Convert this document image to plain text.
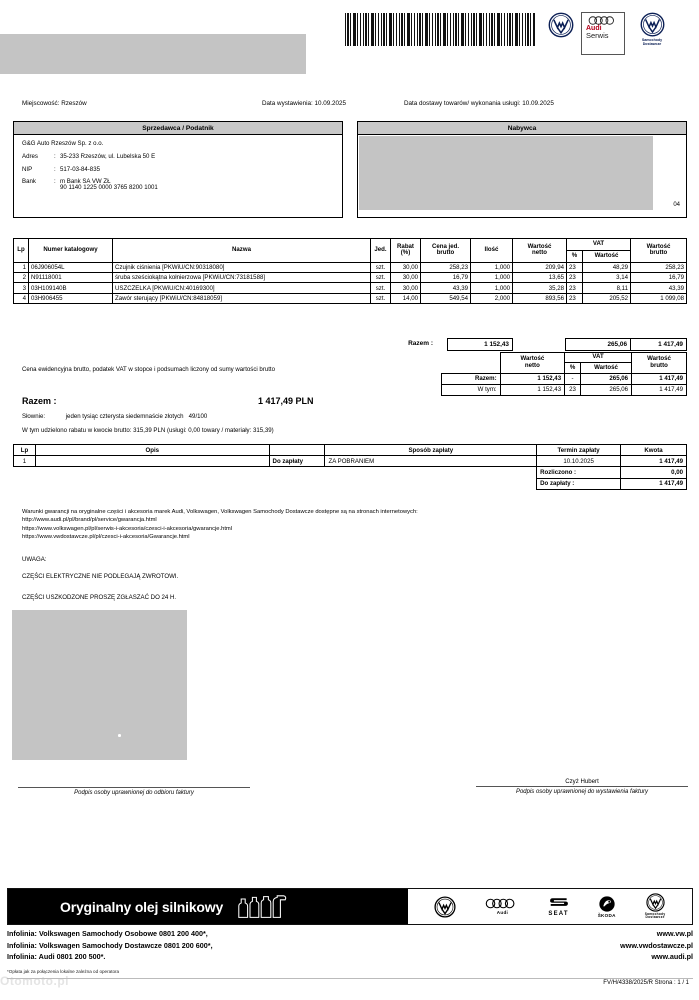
Audi
Serwis	Samochody
Dostawcze
Miejscowość: Rzeszów	Data wystawienia: 10.09.2025	Data dostawy towarów/ wykonania usługi: 10.09.2025
Sprzedawca / Podatnik
G&G Auto Rzeszów Sp. z o.o.
Adres	: 35-233 Rzeszów, ul. Lubelska 50 E
NIP	: 517-03-84-835
Bank	: m Bank SA VW ZŁ
90 1140 1225 0000 3765 8200 1001
Nabywca
04
Lp	Numer katalogowy	Nazwa	Jed.	Rabat
(%)	Cena jed.
brutto	Ilość	Wartość
netto	VAT		Wartość
brutto
								%	Wartość	
1	06J906054L	Czujnik ciśnienia [PKWiU/CN:90318080]	szt.	30,00	258,23	1,000	209,94	23	48,29	258,23
2	N91118001	śruba sześciokątna kołnierzowa [PKWiU/CN:73181588]	szt.	30,00	16,79	1,000	13,65	23	3,14	16,79
3	03H109140B	USZCZELKA [PKWiU/CN:40169300]	szt.	30,00	43,39	1,000	35,28	23	8,11	43,39
4	03H906455	Zawór sterujący [PKWiU/CN:84818059]	szt.	14,00	549,54	2,000	893,56	23	205,52	1 099,08
Razem :	1 152,43	265,06	1 417,49
Cena ewidencyjna brutto, podatek VAT w stopce i podsumach liczony od sumy wartości brutto
Razem :	1 417,49 PLN
Słownie:	jeden tysiąc czterysta siedemnaście złotych 49/100
W tym udzielono rabatu w kwocie brutto: 315,39 PLN (usługi: 0,00 towary / materiały: 315,39)
	Wartość
netto	VAT		Wartość
brutto
		%	Wartość	
Razem:	1 152,43	-	265,06	1 417,49
W tym:	1 152,43	23	265,06	1 417,49
Lp	Opis		Sposób zapłaty	Termin zapłaty	Kwota
1		Do zapłaty	ZA POBRANIEM	10.10.2025	1 417,49
				Rozliczono :	0,00
				Do zapłaty :	1 417,49
Warunki gwarancji na oryginalne części i akcesoria marek Audi, Volkswagen, Volkswagen Samochody Dostawcze dostępne są na stronach internetowych:
http://www.audi.pl/pl/brand/pl/service/gwarancja.html
https://www.volkswagen.pl/pl/serwis-i-akcesoria/czesci-i-akcesoria/gwarancje.html
https://www.vwdostawcze.pl/pl/czesci-i-akcesoria/Gwarancje.html
UWAGA:
CZĘŚCI ELEKTRYCZNE NIE PODLEGAJĄ ZWROTOWI.
CZĘŚCI USZKODZONE PROSZĘ ZGŁASZAĆ DO 24 H.
Podpis osoby uprawnionej do odbioru faktury
Czyż Hubert
Podpis osoby uprawnionej do wystawienia faktury
Oryginalny olej silnikowy	Audi	SEAT	ŠKODA	Samochody
Dostawcze
Infolinia: Volkswagen Samochody Osobowe 0801 200 400*,
Infolinia: Volkswagen Samochody Dostawcze 0801 200 600*,
Infolinia: Audi 0801 200 500*.
www.vw.pl
www.vwdostawcze.pl
www.audi.pl
*Opłata jak za połączenia lokalne zależna od operatora
Otomoto.pl	FV/H/4338/2025/R Strona : 1 / 1
